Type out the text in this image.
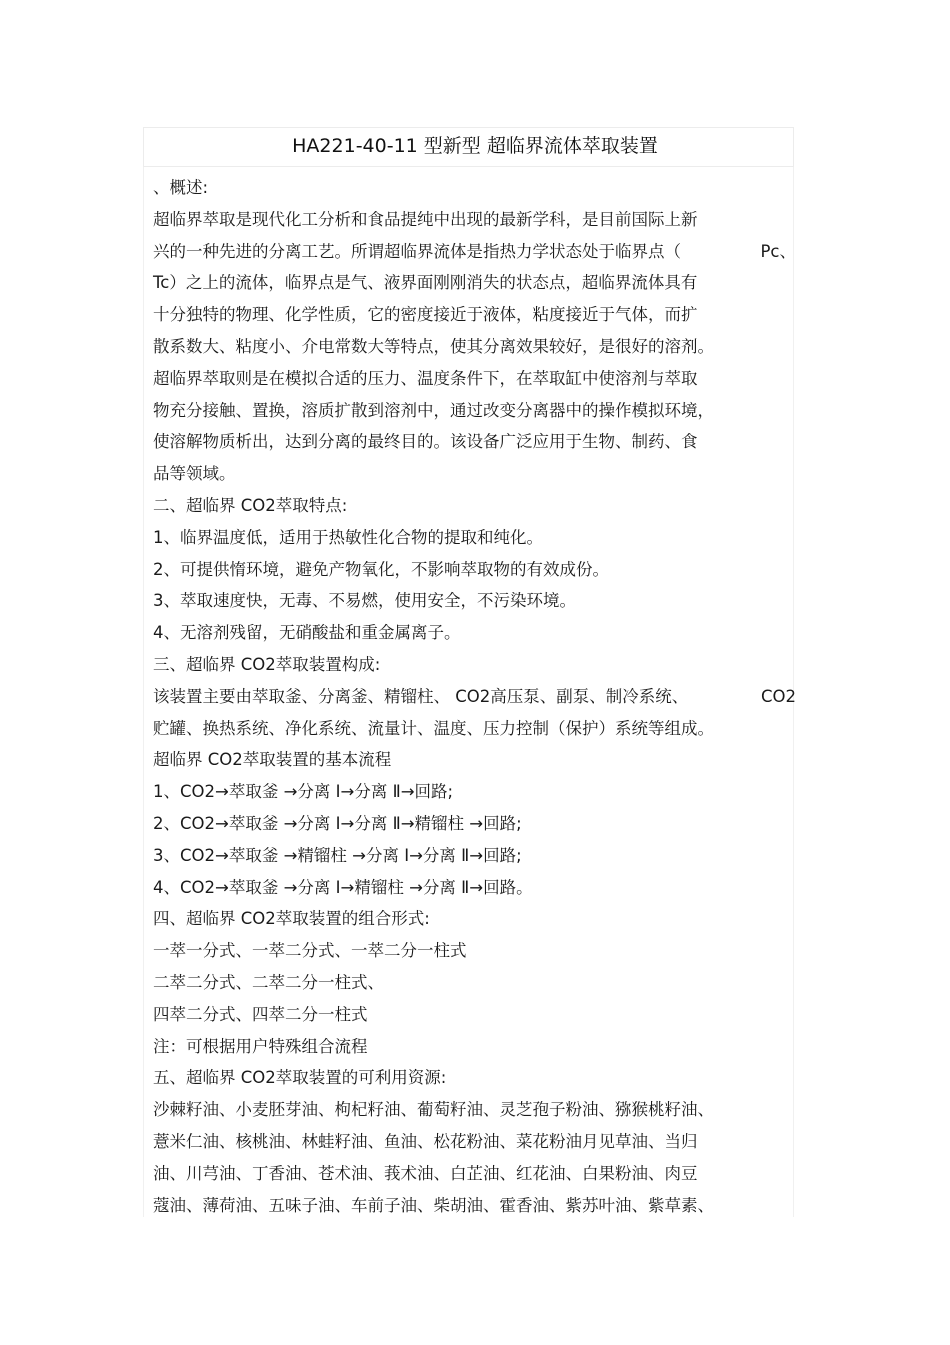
HA221-40-11 型新型 超临界流体萃取装置
、概述:
超临界萃取是现代化工分析和食品提纯中出现的最新学科，是目前国际上新
兴的一种先进的分离工艺。所谓超临界流体是指热力学状态处于临界点（	Pc、
Tc）之上的流体，临界点是气、液界面刚刚消失的状态点，超临界流体具有
十分独特的物理、化学性质，它的密度接近于液体，粘度接近于气体，而扩
散系数大、粘度小、介电常数大等特点，使其分离效果较好，是很好的溶剂。
超临界萃取则是在模拟合适的压力、温度条件下，在萃取缸中使溶剂与萃取
物充分接触、置换，溶质扩散到溶剂中，通过改变分离器中的操作模拟环境，
使溶解物质析出，达到分离的最终目的。该设备广泛应用于生物、制药、食
品等领域。
二、超临界 CO2萃取特点:
1、临界温度低，适用于热敏性化合物的提取和纯化。
2、可提供惰环境，避免产物氧化，不影响萃取物的有效成份。
3、萃取速度快，无毒、不易燃，使用安全，不污染环境。
4、无溶剂残留，无硝酸盐和重金属离子。
三、超临界 CO2萃取装置构成:
该装置主要由萃取釜、分离釜、精镏柱、 CO2高压泵、副泵、制冷系统、	CO2
贮罐、换热系统、净化系统、流量计、温度、压力控制（保护）系统等组成。
超临界 CO2萃取装置的基本流程
1、CO2→萃取釜 →分离 Ⅰ→分离 Ⅱ→回路;
2、CO2→萃取釜 →分离 Ⅰ→分离 Ⅱ→精镏柱 →回路;
3、CO2→萃取釜 →精镏柱 →分离 Ⅰ→分离 Ⅱ→回路;
4、CO2→萃取釜 →分离 Ⅰ→精镏柱 →分离 Ⅱ→回路。
四、超临界 CO2萃取装置的组合形式:
一萃一分式、一萃二分式、一萃二分一柱式
二萃二分式、二萃二分一柱式、
四萃二分式、四萃二分一柱式
注：可根据用户特殊组合流程
五、超临界 CO2萃取装置的可利用资源:
沙棘籽油、小麦胚芽油、枸杞籽油、葡萄籽油、灵芝孢子粉油、猕猴桃籽油、
薏米仁油、核桃油、林蛙籽油、鱼油、松花粉油、菜花粉油月见草油、当归
油、川芎油、丁香油、苍术油、莪术油、白芷油、红花油、白果粉油、肉豆
蔻油、薄荷油、五味子油、车前子油、柴胡油、霍香油、紫苏叶油、紫草素、
